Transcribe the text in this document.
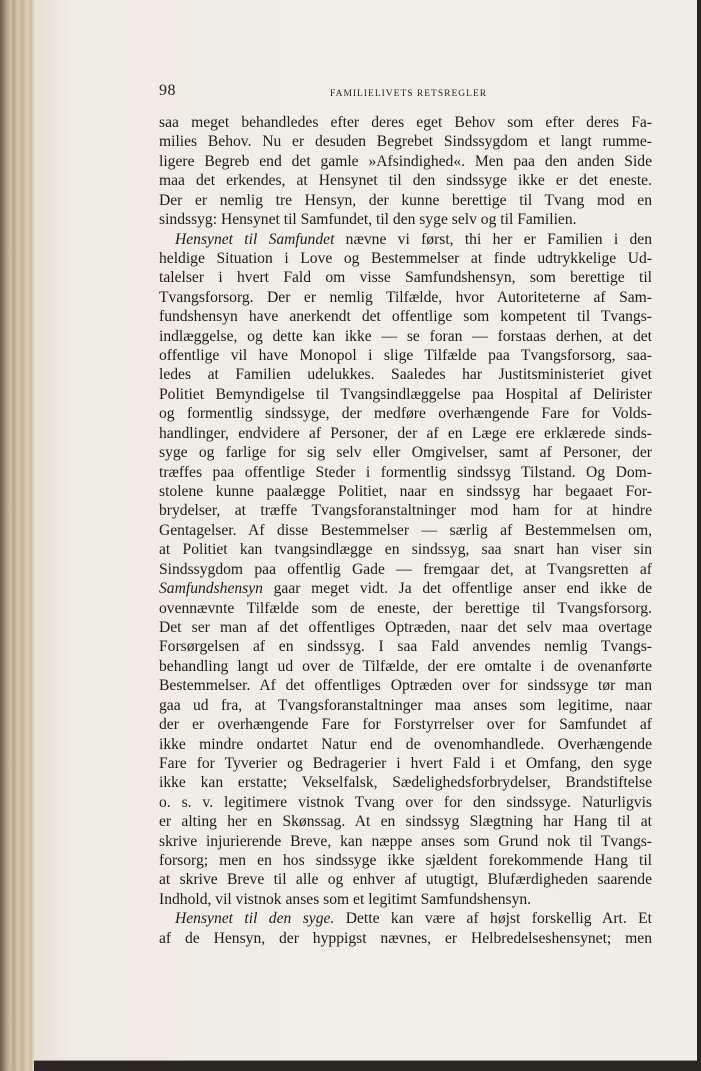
98	FAMILIELIVETS RETSREGLER
saa meget behandledes efter deres eget Behov som efter deres Fa-
milies Behov. Nu er desuden Begrebet Sindssygdom et langt rumme-
ligere Begreb end det gamle »Afsindighed«. Men paa den anden Side
maa det erkendes, at Hensynet til den sindssyge ikke er det eneste.
Der er nemlig tre Hensyn, der kunne berettige til Tvang mod en
sindssyg: Hensynet til Samfundet, til den syge selv og til Familien.
Hensynet til Samfundet nævne vi først, thi her er Familien i den
heldige Situation i Love og Bestemmelser at finde udtrykkelige Ud-
talelser i hvert Fald om visse Samfundshensyn, som berettige til
Tvangsforsorg. Der er nemlig Tilfælde, hvor Autoriteterne af Sam-
fundshensyn have anerkendt det offentlige som kompetent til Tvangs-
indlæggelse, og dette kan ikke — se foran — forstaas derhen, at det
offentlige vil have Monopol i slige Tilfælde paa Tvangsforsorg, saa-
ledes at Familien udelukkes. Saaledes har Justitsministeriet givet
Politiet Bemyndigelse til Tvangsindlæggelse paa Hospital af Delirister
og formentlig sindssyge, der medføre overhængende Fare for Volds-
handlinger, endvidere af Personer, der af en Læge ere erklærede sinds-
syge og farlige for sig selv eller Omgivelser, samt af Personer, der
træffes paa offentlige Steder i formentlig sindssyg Tilstand. Og Dom-
stolene kunne paalægge Politiet, naar en sindssyg har begaaet For-
brydelser, at træffe Tvangsforanstaltninger mod ham for at hindre
Gentagelser. Af disse Bestemmelser — særlig af Bestemmelsen om,
at Politiet kan tvangsindlægge en sindssyg, saa snart han viser sin
Sindssygdom paa offentlig Gade — fremgaar det, at Tvangsretten af
Samfundshensyn gaar meget vidt. Ja det offentlige anser end ikke de
ovennævnte Tilfælde som de eneste, der berettige til Tvangsforsorg.
Det ser man af det offentliges Optræden, naar det selv maa overtage
Forsørgelsen af en sindssyg. I saa Fald anvendes nemlig Tvangs-
behandling langt ud over de Tilfælde, der ere omtalte i de ovenanførte
Bestemmelser. Af det offentliges Optræden over for sindssyge tør man
gaa ud fra, at Tvangsforanstaltninger maa anses som legitime, naar
der er overhængende Fare for Forstyrrelser over for Samfundet af
ikke mindre ondartet Natur end de ovenomhandlede. Overhængende
Fare for Tyverier og Bedragerier i hvert Fald i et Omfang, den syge
ikke kan erstatte; Vekselfalsk, Sædelighedsforbrydelser, Brandstiftelse
o. s. v. legitimere vistnok Tvang over for den sindssyge. Naturligvis
er alting her en Skønssag. At en sindssyg Slægtning har Hang til at
skrive injurierende Breve, kan næppe anses som Grund nok til Tvangs-
forsorg; men en hos sindssyge ikke sjældent forekommende Hang til
at skrive Breve til alle og enhver af utugtigt, Blufærdigheden saarende
Indhold, vil vistnok anses som et legitimt Samfundshensyn.
Hensynet til den syge. Dette kan være af højst forskellig Art. Et
af de Hensyn, der hyppigst nævnes, er Helbredelseshensynet; men
